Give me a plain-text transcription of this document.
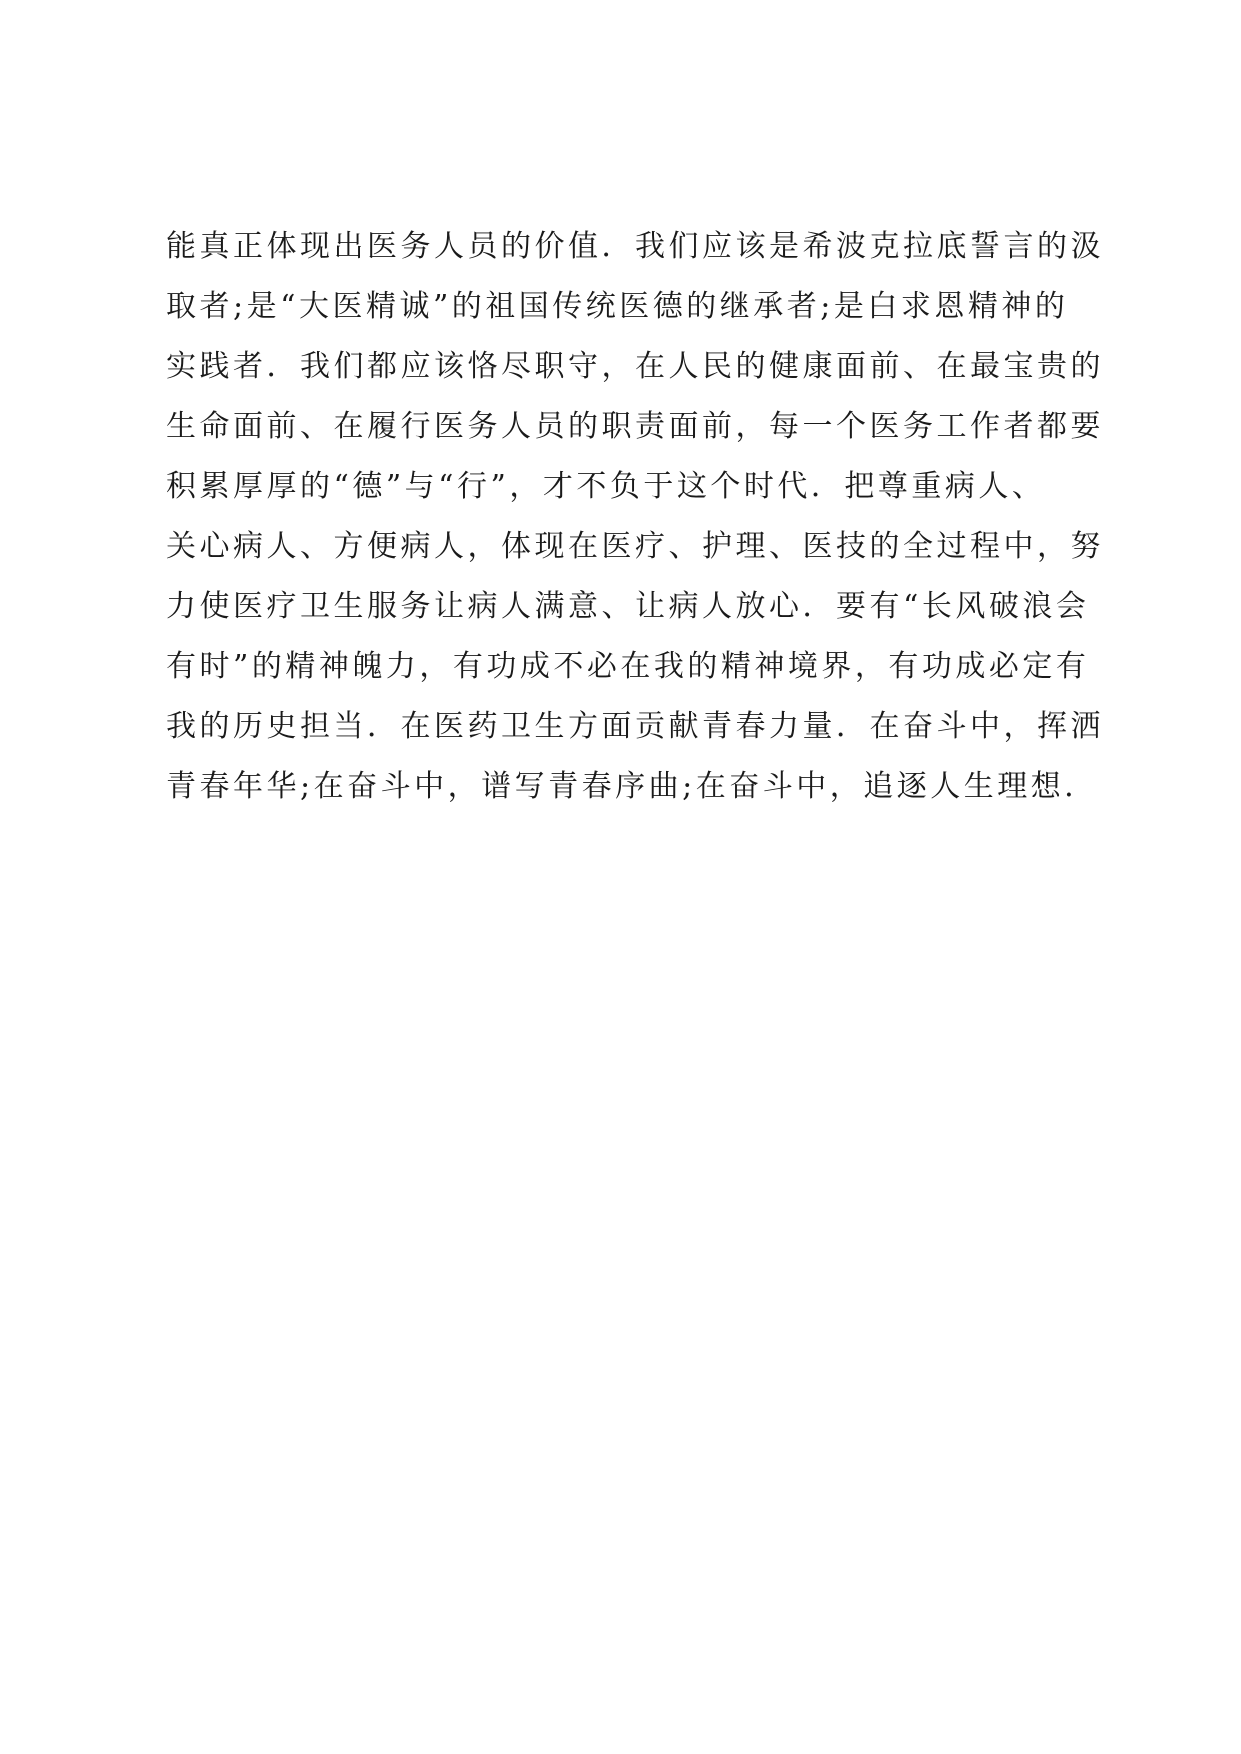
能真正体现出医务人员的价值．我们应该是希波克拉底誓言的汲
取者;是“大医精诚”的祖国传统医德的继承者;是白求恩精神的
实践者．我们都应该恪尽职守，在人民的健康面前、在最宝贵的
生命面前、在履行医务人员的职责面前，每一个医务工作者都要
积累厚厚的“德”与“行”，才不负于这个时代．把尊重病人、
关心病人、方便病人，体现在医疗、护理、医技的全过程中，努
力使医疗卫生服务让病人满意、让病人放心．要有“长风破浪会
有时”的精神魄力，有功成不必在我的精神境界，有功成必定有
我的历史担当．在医药卫生方面贡献青春力量．在奋斗中，挥洒
青春年华;在奋斗中，谱写青春序曲;在奋斗中，追逐人生理想．
